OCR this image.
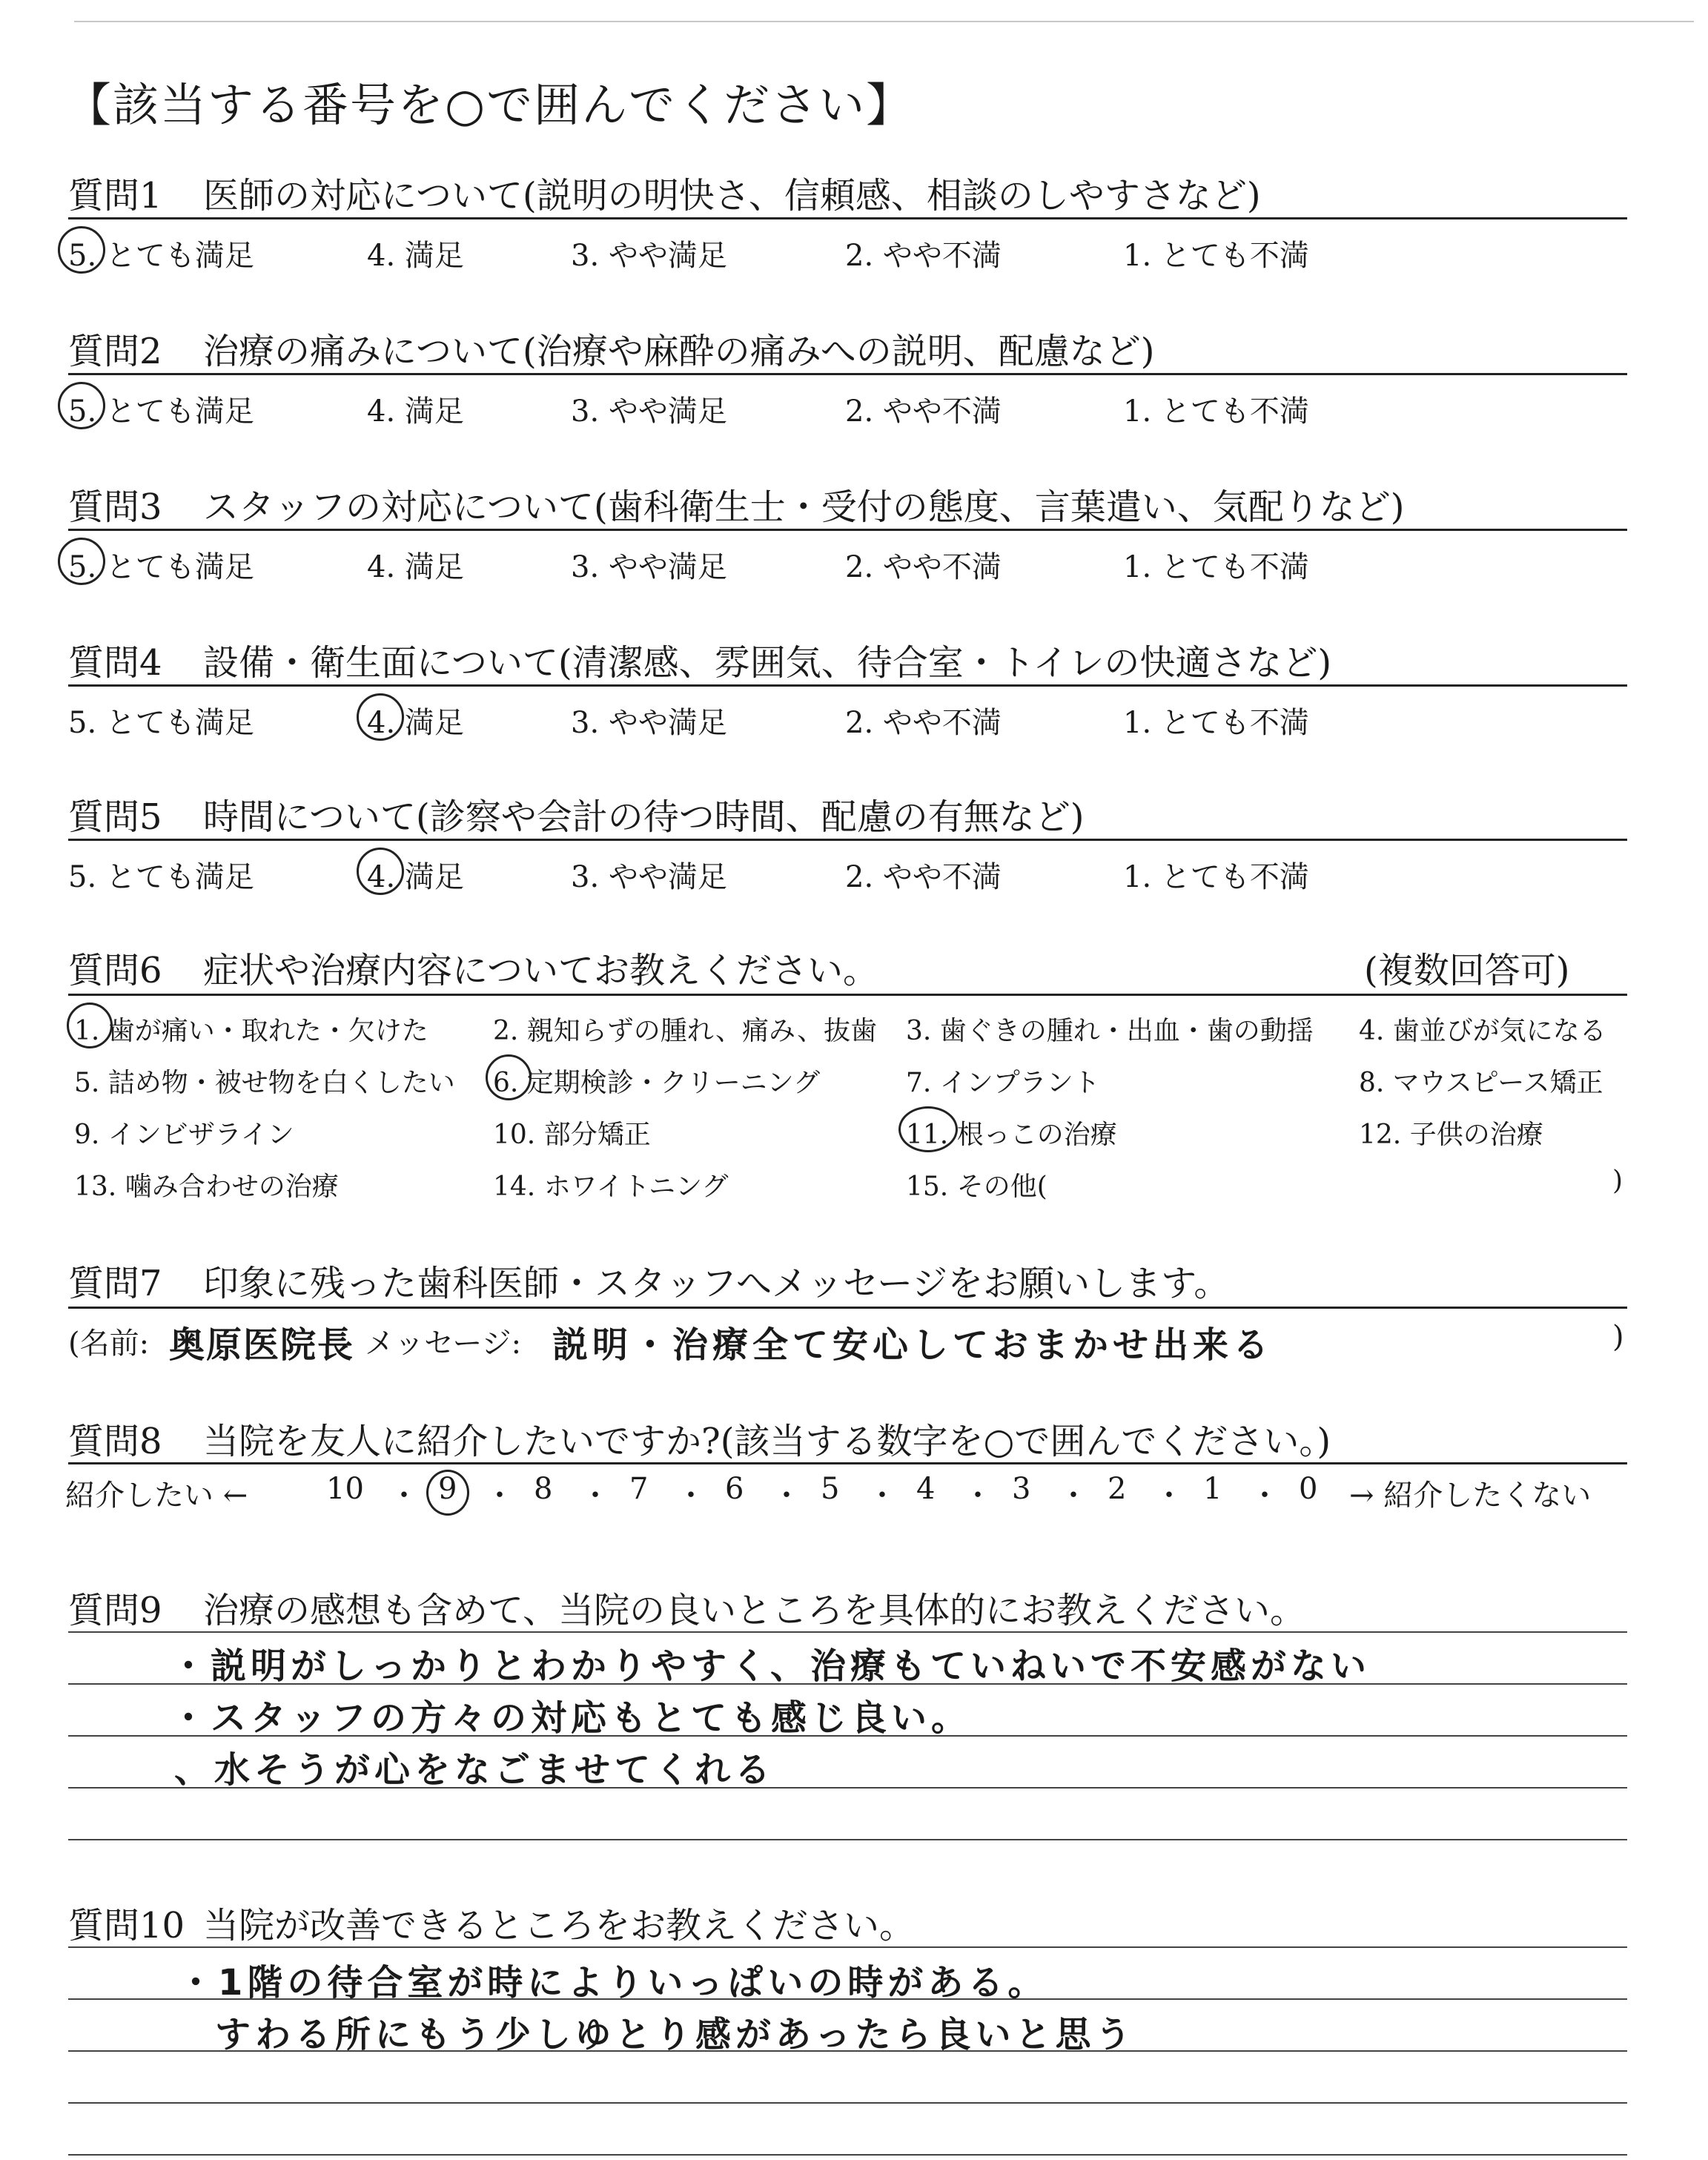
【該当する番号を○で囲んでください】
質問1 医師の対応について(説明の明快さ、信頼感、相談のしやすさなど)
5. とても満足	4. 満足	3. やや満足	2. やや不満	1. とても不満
質問2 治療の痛みについて(治療や麻酔の痛みへの説明、配慮など)
5. とても満足	4. 満足	3. やや満足	2. やや不満	1. とても不満
質問3 スタッフの対応について(歯科衛生士・受付の態度、言葉遣い、気配りなど)
5. とても満足	4. 満足	3. やや満足	2. やや不満	1. とても不満
質問4 設備・衛生面について(清潔感、雰囲気、待合室・トイレの快適さなど)
5. とても満足	4. 満足	3. やや満足	2. やや不満	1. とても不満
質問5 時間について(診察や会計の待つ時間、配慮の有無など)
5. とても満足	4. 満足	3. やや満足	2. やや不満	1. とても不満
質問6 症状や治療内容についてお教えください。	(複数回答可)
1. 歯が痛い・取れた・欠けた 2. 親知らずの腫れ、痛み、抜歯 3. 歯ぐきの腫れ・出血・歯の動揺 4. 歯並びが気になる
5. 詰め物・被せ物を白くしたい 6. 定期検診・クリーニング	7. インプラント	8. マウスピース矯正
9. インビザライン	10. 部分矯正	11. 根っこの治療	12. 子供の治療
13. 噛み合わせの治療	14. ホワイトニング	15. その他(	)
質問7 印象に残った歯科医師・スタッフへメッセージをお願いします。
(名前: 奥原医院長 メッセージ: 説明・治療全て安心しておまかせ出来る	)
質問8 当院を友人に紹介したいですか?(該当する数字を○で囲んでください。)
紹介したい ←	10 ・ 9 ・ 8 ・ 7 ・ 6 ・ 5 ・ 4 ・ 3 ・ 2 ・ 1 ・ 0 → 紹介したくない
質問9 治療の感想も含めて、当院の良いところを具体的にお教えください。
・説明がしっかりとわかりやすく、治療もていねいで不安感がない
・スタッフの方々の対応もとても感じ良い。
、水そうが心をなごませてくれる
質問10 当院が改善できるところをお教えください。
・1階の待合室が時によりいっぱいの時がある。
すわる所にもう少しゆとり感があったら良いと思う
